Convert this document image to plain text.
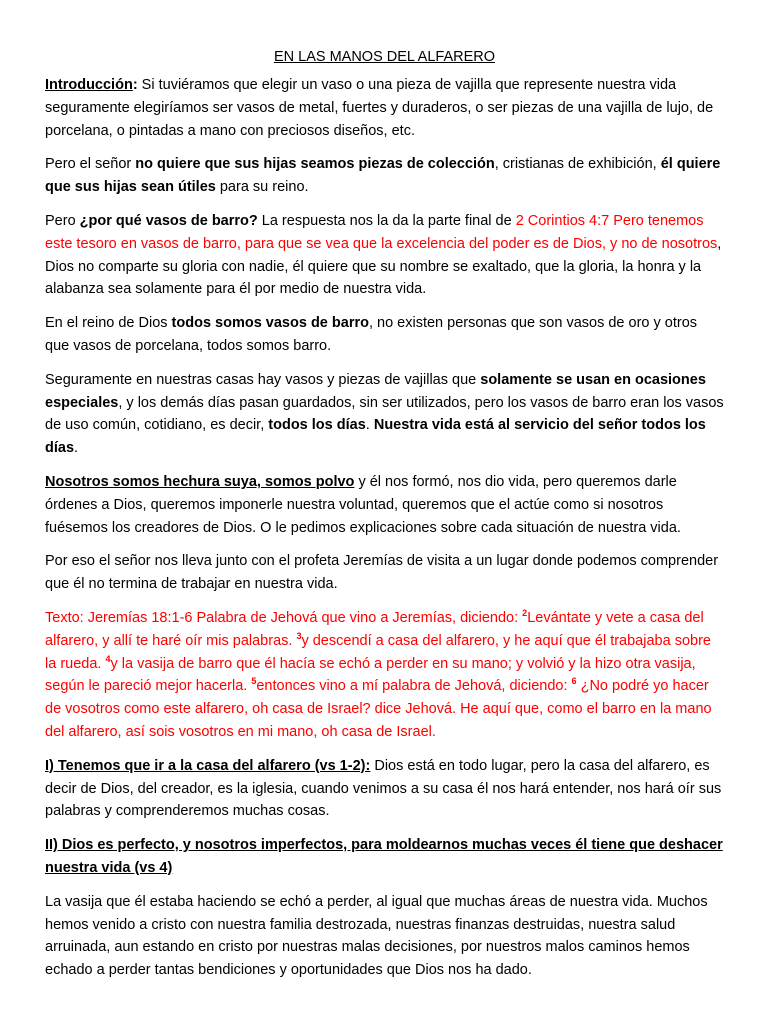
EN LAS MANOS DEL ALFARERO

Introducción: Si tuviéramos que elegir un vaso o una pieza de vajilla que represente nuestra vida seguramente elegiríamos ser vasos de metal, fuertes y duraderos, o ser piezas de una vajilla de lujo, de porcelana, o pintadas a mano con preciosos diseños, etc.

Pero el señor no quiere que sus hijas seamos piezas de colección, cristianas de exhibición, él quiere que sus hijas sean útiles para su reino.

Pero ¿por qué vasos de barro? La respuesta nos la da la parte final de 2 Corintios 4:7 Pero tenemos este tesoro en vasos de barro, para que se vea que la excelencia del poder es de Dios, y no de nosotros, Dios no comparte su gloria con nadie, él quiere que su nombre se exaltado, que la gloria, la honra y la alabanza sea solamente para él por medio de nuestra vida.

En el reino de Dios todos somos vasos de barro, no existen personas que son vasos de oro y otros que vasos de porcelana, todos somos barro.

Seguramente en nuestras casas hay vasos y piezas de vajillas que solamente se usan en ocasiones especiales, y los demás días pasan guardados, sin ser utilizados, pero los vasos de barro eran los vasos de uso común, cotidiano, es decir, todos los días. Nuestra vida está al servicio del señor todos los días.

Nosotros somos hechura suya, somos polvo y él nos formó, nos dio vida, pero queremos darle órdenes a Dios, queremos imponerle nuestra voluntad, queremos que el actúe como si nosotros fuésemos los creadores de Dios. O le pedimos explicaciones sobre cada situación de nuestra vida.

Por eso el señor nos lleva junto con el profeta Jeremías de visita a un lugar donde podemos comprender que él no termina de trabajar en nuestra vida.

Texto: Jeremías 18:1-6 Palabra de Jehová que vino a Jeremías, diciendo: $^2$Levántate y vete a casa del alfarero, y allí te haré oír mis palabras. $^3$y descendí a casa del alfarero, y he aquí que él trabajaba sobre la rueda. $^4$y la vasija de barro que él hacía se echó a perder en su mano; y volvió y la hizo otra vasija, según le pareció mejor hacerla. $^5$entonces vino a mí palabra de Jehová, diciendo: $^6$ ¿No podré yo hacer de vosotros como este alfarero, oh casa de Israel? dice Jehová. He aquí que, como el barro en la mano del alfarero, así sois vosotros en mi mano, oh casa de Israel.

I) Tenemos que ir a la casa del alfarero (vs 1-2): Dios está en todo lugar, pero la casa del alfarero, es decir de Dios, del creador, es la iglesia, cuando venimos a su casa él nos hará entender, nos hará oír sus palabras y comprenderemos muchas cosas.

II) Dios es perfecto, y nosotros imperfectos, para moldearnos muchas veces él tiene que deshacer nuestra vida (vs 4)

La vasija que él estaba haciendo se echó a perder, al igual que muchas áreas de nuestra vida. Muchos hemos venido a cristo con nuestra familia destrozada, nuestras finanzas destruidas, nuestra salud arruinada, aun estando en cristo por nuestras malas decisiones, por nuestros malos caminos hemos echado a perder tantas bendiciones y oportunidades que Dios nos ha dado.
